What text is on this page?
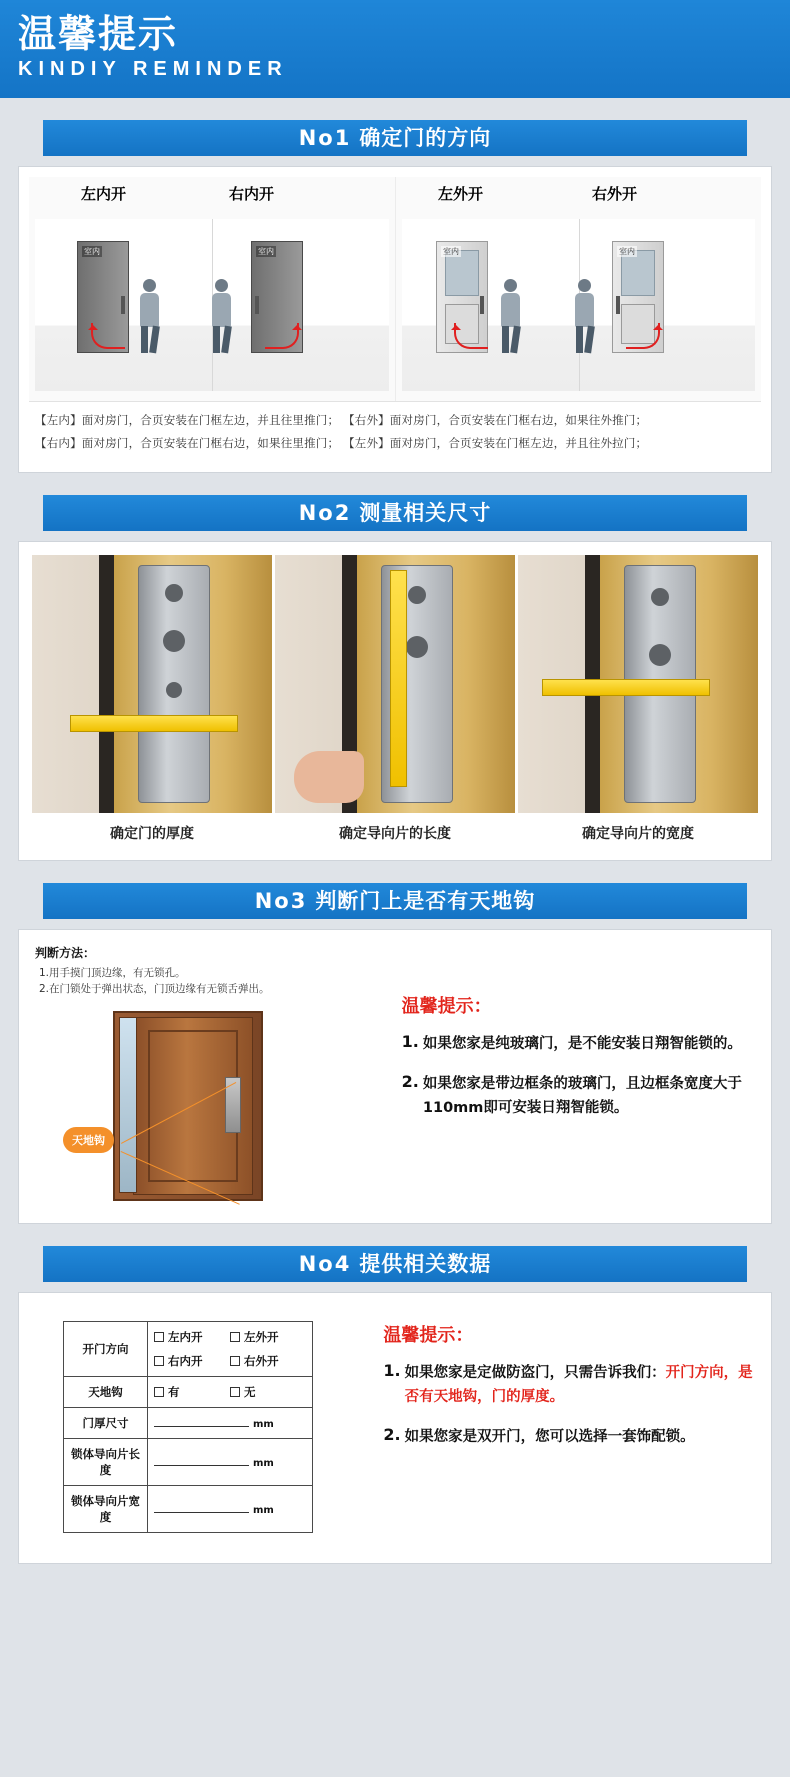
温馨提示
KINDIY REMINDER
No1 确定门的方向
左内开
室内
右内开
室内
左外开
室内
右外开
室内

【左内】面对房门，合页安装在门框左边，并且往里推门； 【右外】面对房门，合页安装在门框右边，如果往外推门；

【右内】面对房门，合页安装在门框右边，如果往里推门； 【左外】面对房门，合页安装在门框左边，并且往外拉门；

No2 测量相关尺寸
确定门的厚度	确定导向片的长度	确定导向片的宽度
No3 判断门上是否有天地钩
判断方法：
1.用手摸门顶边缘，有无锁孔。
2.在门锁处于弹出状态，门顶边缘有无锁舌弹出。
天地钩
温馨提示：
1. 如果您家是纯玻璃门，是不能安装日翔智能锁的。
2. 如果您家是带边框条的玻璃门，且边框条宽度大于110mm即可安装日翔智能锁。
No4 提供相关数据
开门方向	左内开 左外开
右内开 右外开

天地钩	有 无

门厚尺寸	mm
锁体导向片长度	mm
锁体导向片宽度	mm
温馨提示：
1. 如果您家是定做防盗门，只需告诉我们：开门方向，是否有天地钩，门的厚度。
2. 如果您家是双开门，您可以选择一套饰配锁。
